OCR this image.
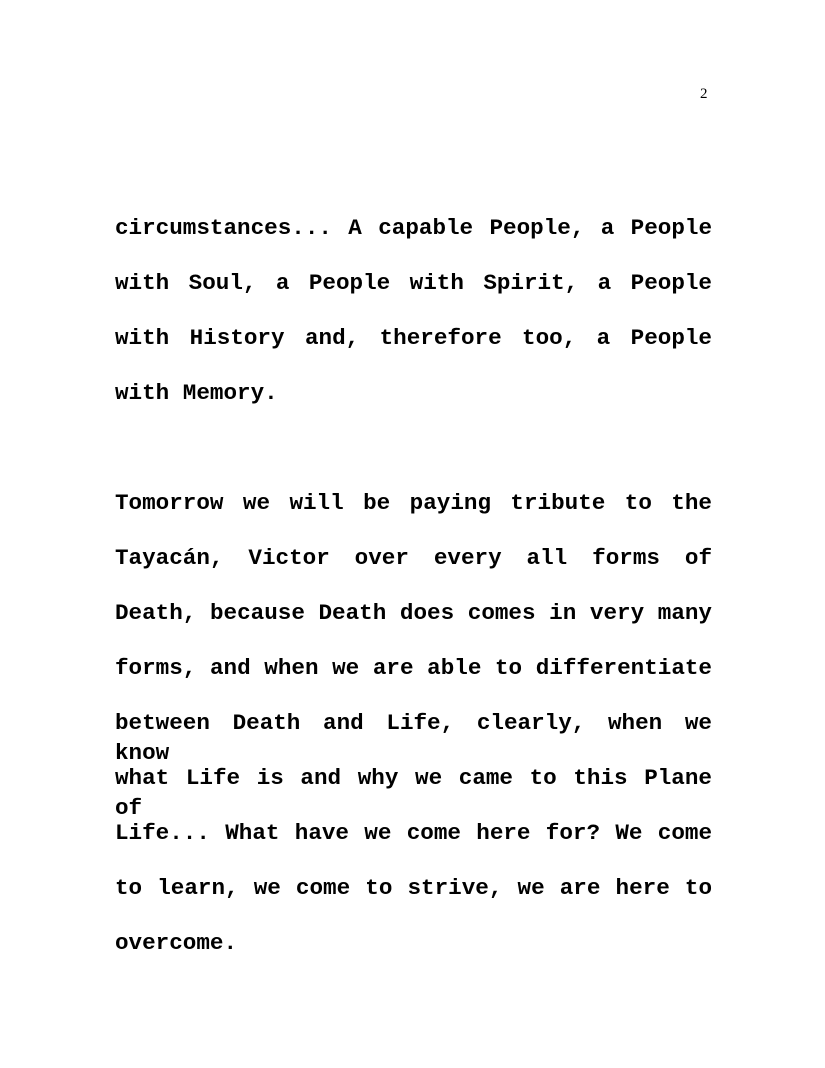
2
circumstances... A capable People, a People
with Soul, a People with Spirit, a People
with History and, therefore too, a People
with Memory.
Tomorrow we will be paying tribute to the
Tayacán, Victor over every all forms of
Death, because Death does comes in very many
forms, and when we are able to differentiate
between Death and Life, clearly, when we know
what Life is and why we came to this Plane of
Life... What have we come here for? We come
to learn, we come to strive, we are here to
overcome.
